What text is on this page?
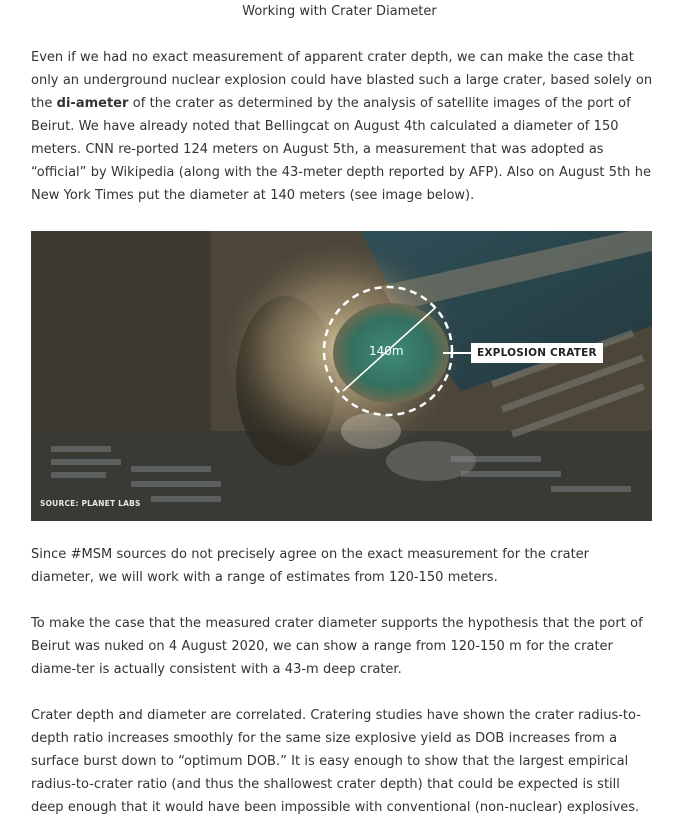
Working with Crater Diameter

Even if we had no exact measurement of apparent crater depth, we can make the case that only an underground nuclear explosion could have blasted such a large crater, based solely on the di-ameter of the crater as determined by the analysis of satellite images of the port of Beirut. We have already noted that Bellingcat on August 4th calculated a diameter of 150 meters. CNN re-ported 124 meters on August 5th, a measurement that was adopted as “official” by Wikipedia (along with the 43-meter depth reported by AFP). Also on August 5th he New York Times put the diameter at 140 meters (see image below).

140m	EXPLOSION CRATER
SOURCE: PLANET LABS

Since #MSM sources do not precisely agree on the exact measurement for the crater diameter, we will work with a range of estimates from 120-150 meters.

To make the case that the measured crater diameter supports the hypothesis that the port of Beirut was nuked on 4 August 2020, we can show a range from 120-150 m for the crater diame-ter is actually consistent with a 43-m deep crater.

Crater depth and diameter are correlated. Cratering studies have shown the crater radius-to-depth ratio increases smoothly for the same size explosive yield as DOB increases from a surface burst down to “optimum DOB.” It is easy enough to show that the largest empirical radius-to-crater ratio (and thus the shallowest crater depth) that could be expected is still deep enough that it would have been impossible with conventional (non-nuclear) explosives.
